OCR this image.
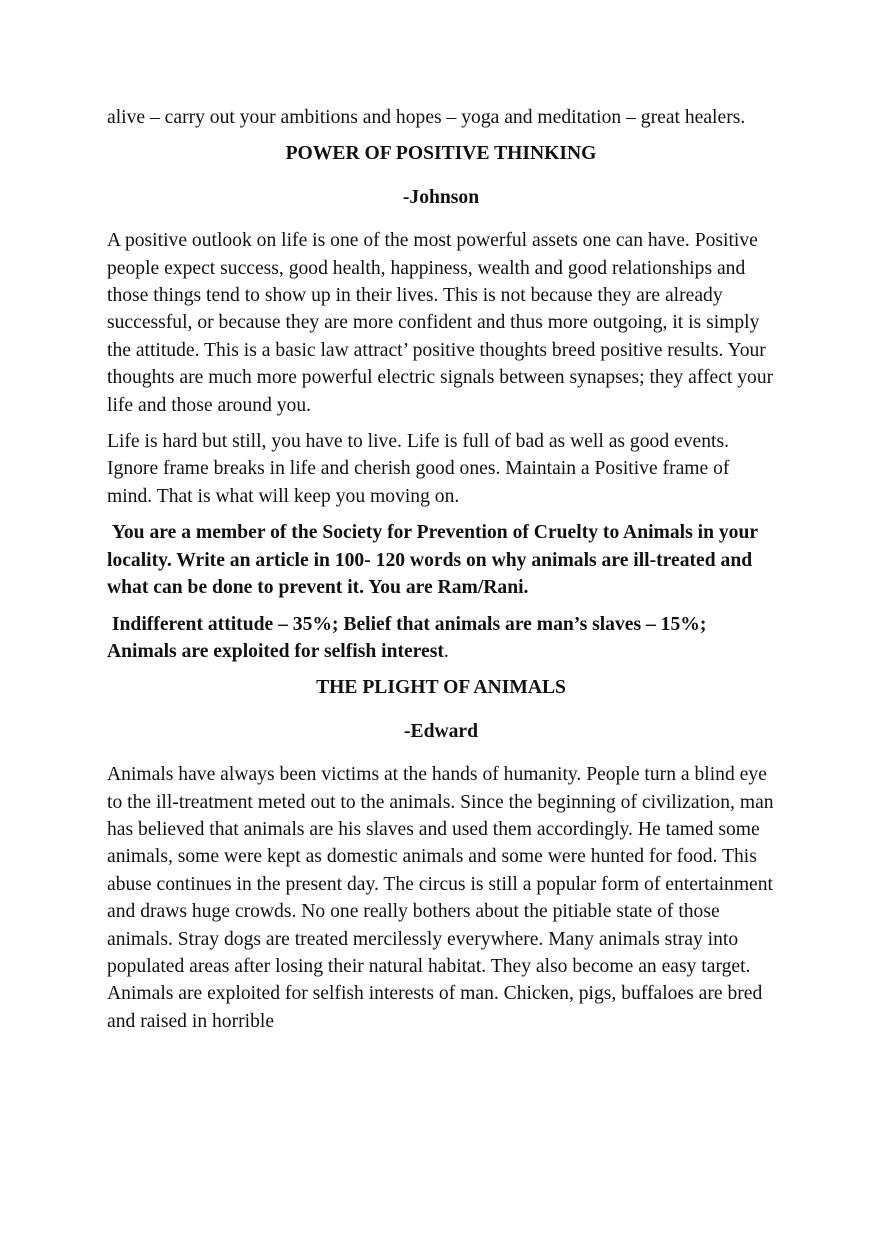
alive – carry out your ambitions and hopes – yoga and meditation – great healers.

POWER OF POSITIVE THINKING

-Johnson

A positive outlook on life is one of the most powerful assets one can have. Positive people expect success, good health, happiness, wealth and good relationships and those things tend to show up in their lives. This is not because they are already successful, or because they are more confident and thus more outgoing, it is simply the attitude. This is a basic law attract’ positive thoughts breed positive results. Your thoughts are much more powerful electric signals between synapses; they affect your life and those around you.

Life is hard but still, you have to live. Life is full of bad as well as good events. Ignore frame breaks in life and cherish good ones. Maintain a Positive frame of mind. That is what will keep you moving on.

You are a member of the Society for Prevention of Cruelty to Animals in your locality. Write an article in 100- 120 words on why animals are ill-treated and what can be done to prevent it. You are Ram/Rani.

Indifferent attitude – 35%; Belief that animals are man’s slaves – 15%; Animals are exploited for selfish interest.

THE PLIGHT OF ANIMALS

-Edward

Animals have always been victims at the hands of humanity. People turn a blind eye to the ill-treatment meted out to the animals. Since the beginning of civilization, man has believed that animals are his slaves and used them accordingly. He tamed some animals, some were kept as domestic animals and some were hunted for food. This abuse continues in the present day. The circus is still a popular form of entertainment and draws huge crowds. No one really bothers about the pitiable state of those animals. Stray dogs are treated mercilessly everywhere. Many animals stray into populated areas after losing their natural habitat. They also become an easy target. Animals are exploited for selfish interests of man. Chicken, pigs, buffaloes are bred and raised in horrible
